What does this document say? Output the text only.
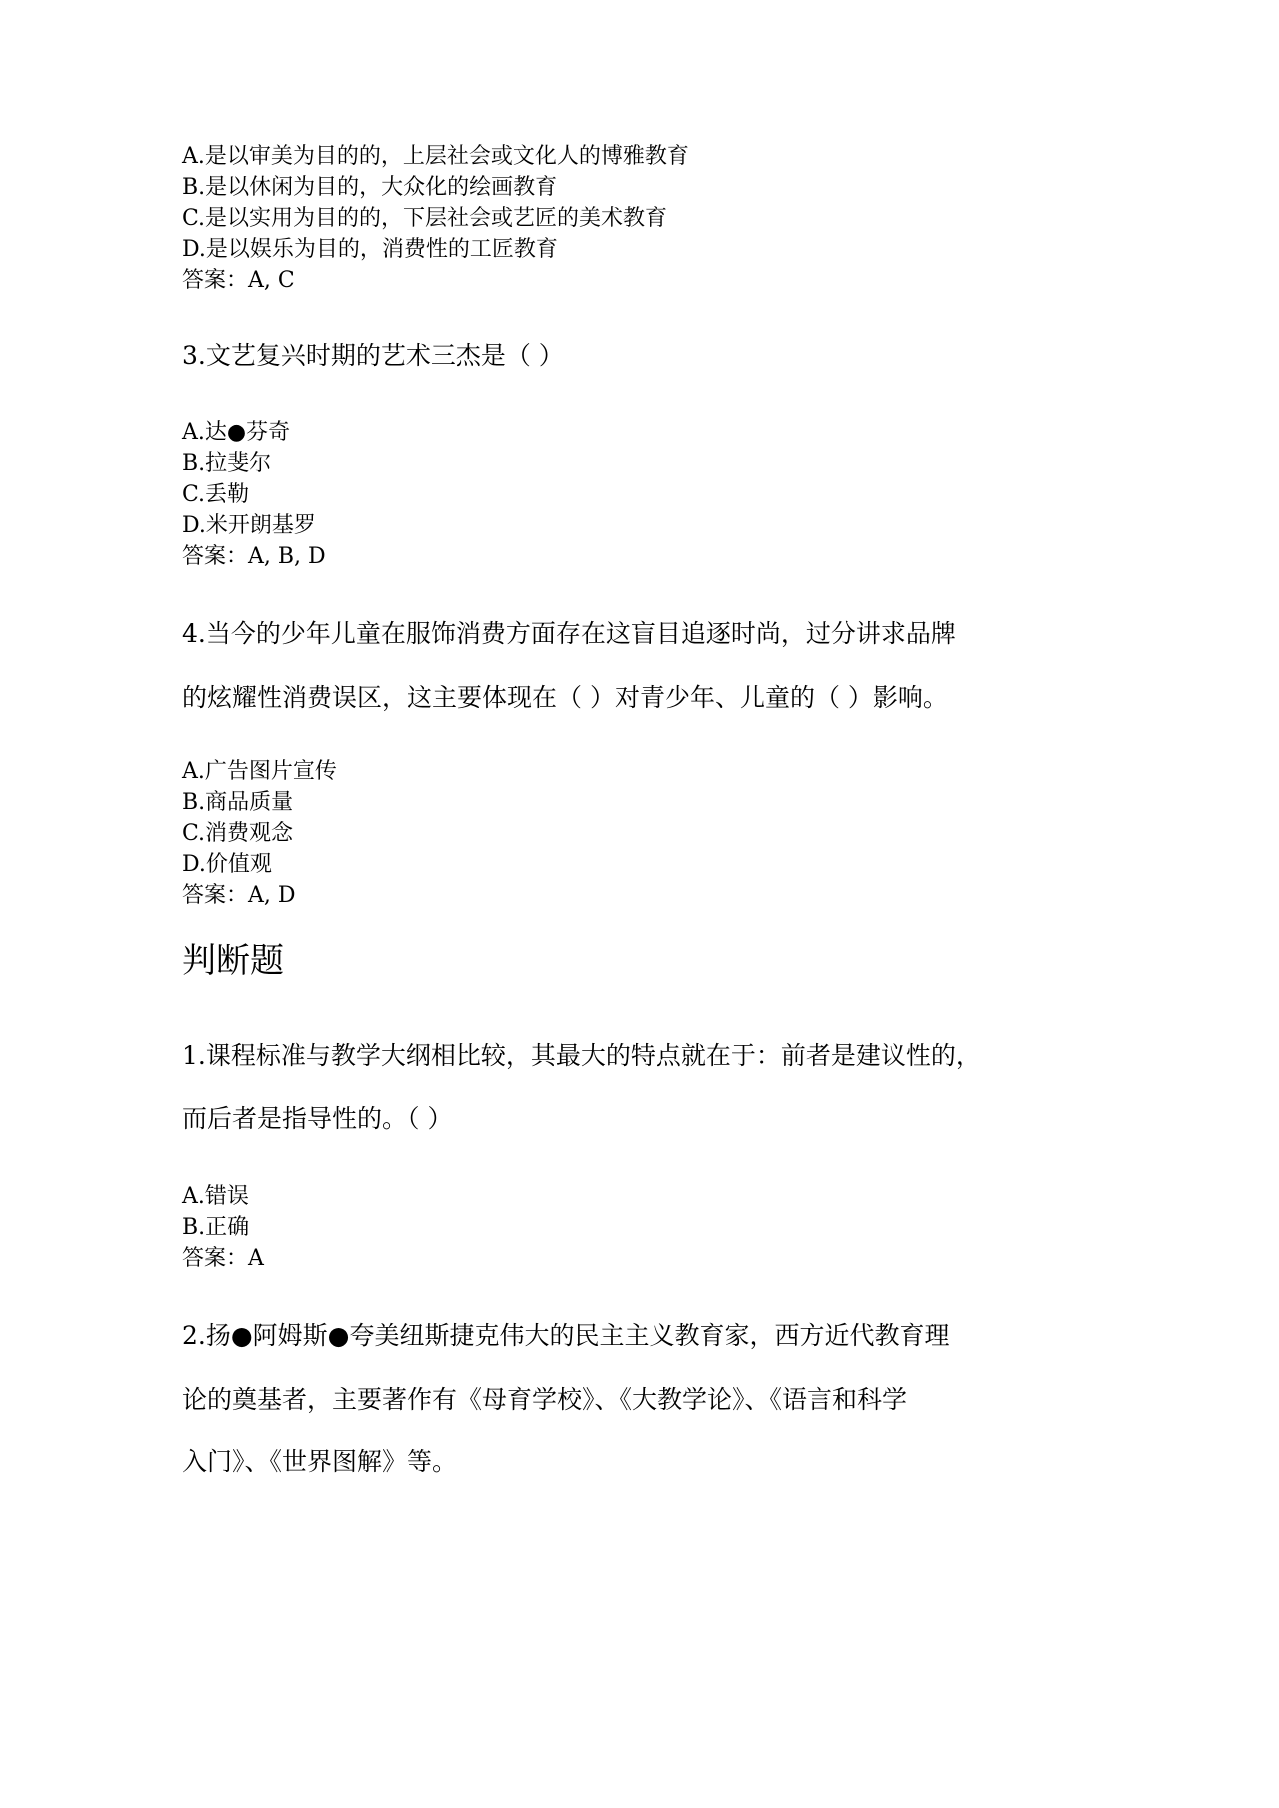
A.是以审美为目的的，上层社会或文化人的博雅教育
B.是以休闲为目的，大众化的绘画教育
C.是以实用为目的的，下层社会或艺匠的美术教育
D.是以娱乐为目的，消费性的工匠教育
答案：A, C
3.文艺复兴时期的艺术三杰是（ ）
A.达●芬奇
B.拉斐尔
C.丢勒
D.米开朗基罗
答案：A, B, D
4.当今的少年儿童在服饰消费方面存在这盲目追逐时尚，过分讲求品牌
的炫耀性消费误区，这主要体现在（ ）对青少年、儿童的（ ）影响。
A.广告图片宣传
B.商品质量
C.消费观念
D.价值观
答案：A, D
判断题
1.课程标准与教学大纲相比较，其最大的特点就在于：前者是建议性的，
而后者是指导性的。（ ）
A.错误
B.正确
答案：A
2.扬●阿姆斯●夸美纽斯捷克伟大的民主主义教育家，西方近代教育理
论的奠基者，主要著作有《母育学校》、《大教学论》、《语言和科学
入门》、《世界图解》等。
